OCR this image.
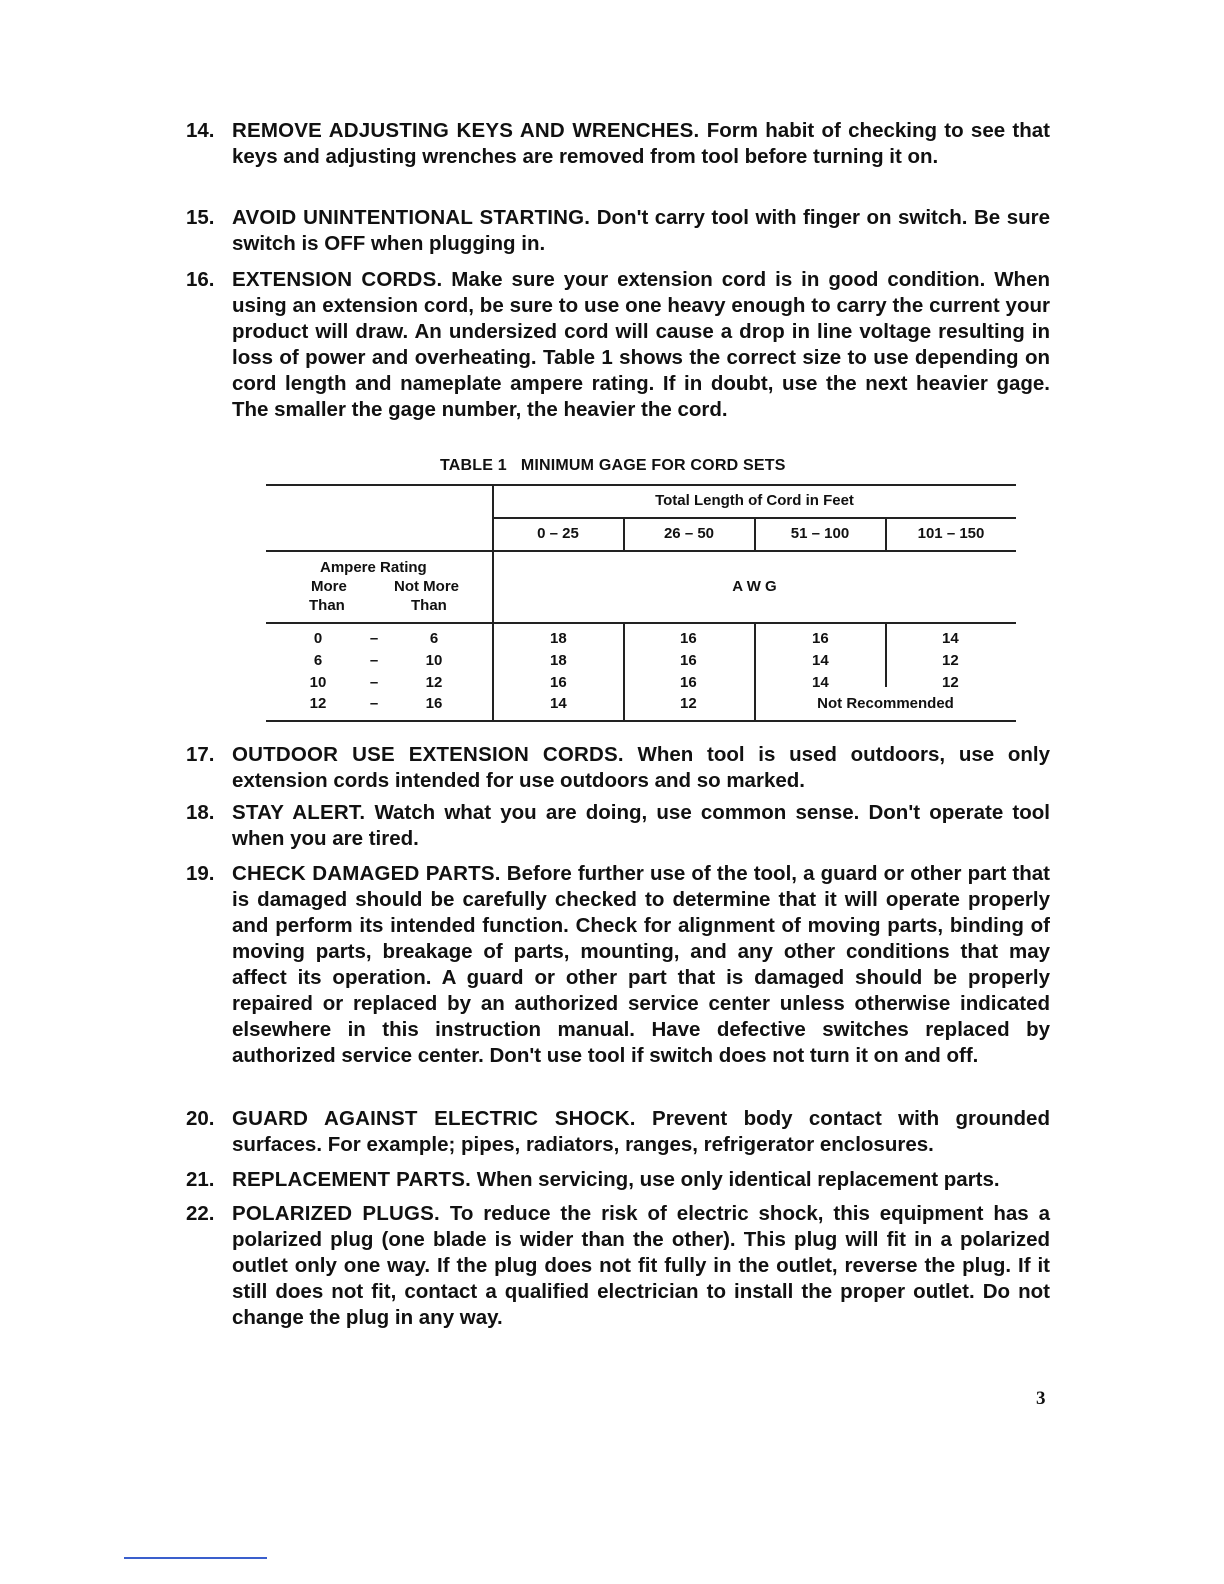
14. REMOVE ADJUSTING KEYS AND WRENCHES. Form habit of checking to see that keys and adjusting wrenches are removed from tool before turning it on.
15. AVOID UNINTENTIONAL STARTING. Don't carry tool with finger on switch. Be sure switch is OFF when plugging in.
16. EXTENSION CORDS. Make sure your extension cord is in good condition. When using an extension cord, be sure to use one heavy enough to carry the current your product will draw. An undersized cord will cause a drop in line voltage resulting in loss of power and overheating. Table 1 shows the correct size to use depending on cord length and nameplate ampere rating. If in doubt, use the next heavier gage. The smaller the gage number, the heavier the cord.
TABLE 1   MINIMUM GAGE FOR CORD SETS
Total Length of Cord in Feet
0 – 25	26 – 50	51 – 100	101 – 150
Ampere Rating
More	Not More
Than	Than
A W G
0	–	6	18	16	16	14
6	–	10	18	16	14	12
10	–	12	16	16	14	12
12	–	16	14	12	Not Recommended
17. OUTDOOR USE EXTENSION CORDS. When tool is used outdoors, use only extension cords intended for use outdoors and so marked.
18. STAY ALERT. Watch what you are doing, use common sense. Don't operate tool when you are tired.
19. CHECK DAMAGED PARTS. Before further use of the tool, a guard or other part that is damaged should be carefully checked to determine that it will operate properly and perform its intended function. Check for alignment of moving parts, binding of moving parts, breakage of parts, mounting, and any other conditions that may affect its operation. A guard or other part that is damaged should be properly repaired or replaced by an authorized service center unless otherwise indicated elsewhere in this instruction manual. Have defective switches replaced by authorized service center. Don't use tool if switch does not turn it on and off.
20. GUARD AGAINST ELECTRIC SHOCK. Prevent body contact with grounded surfaces. For example; pipes, radiators, ranges, refrigerator enclosures.
21. REPLACEMENT PARTS. When servicing, use only identical replacement parts.
22. POLARIZED PLUGS. To reduce the risk of electric shock, this equipment has a polarized plug (one blade is wider than the other). This plug will fit in a polarized outlet only one way. If the plug does not fit fully in the outlet, reverse the plug. If it still does not fit, contact a qualified electrician to install the proper outlet. Do not change the plug in any way.
3
